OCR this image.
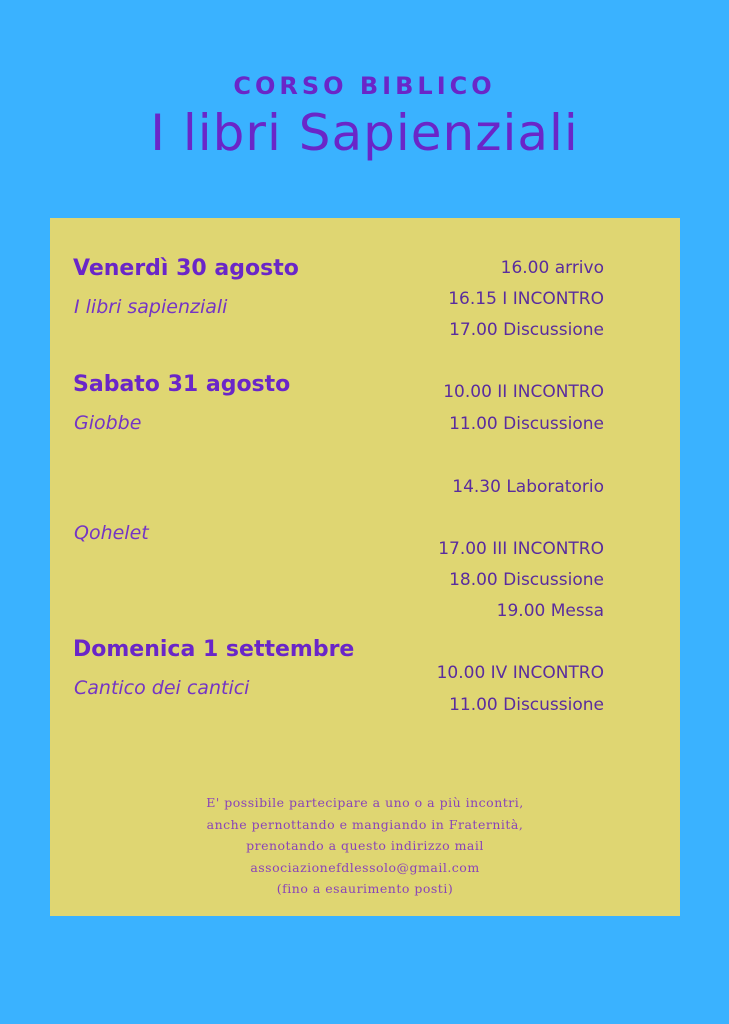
CORSO BIBLICO
I libri Sapienziali
Venerdì 30 agosto
I libri sapienziali
16.00 arrivo
16.15 I INCONTRO
17.00 Discussione
Sabato 31 agosto
Giobbe
Qohelet
10.00 II INCONTRO
11.00 Discussione
14.30 Laboratorio
17.00 III INCONTRO
18.00 Discussione
19.00 Messa
Domenica 1 settembre
Cantico dei cantici
10.00 IV INCONTRO
11.00 Discussione
E' possibile partecipare a uno o a più incontri,
anche pernottando e mangiando in Fraternità,
prenotando a questo indirizzo mail
associazionefdlessolo@gmail.com
(fino a esaurimento posti)
